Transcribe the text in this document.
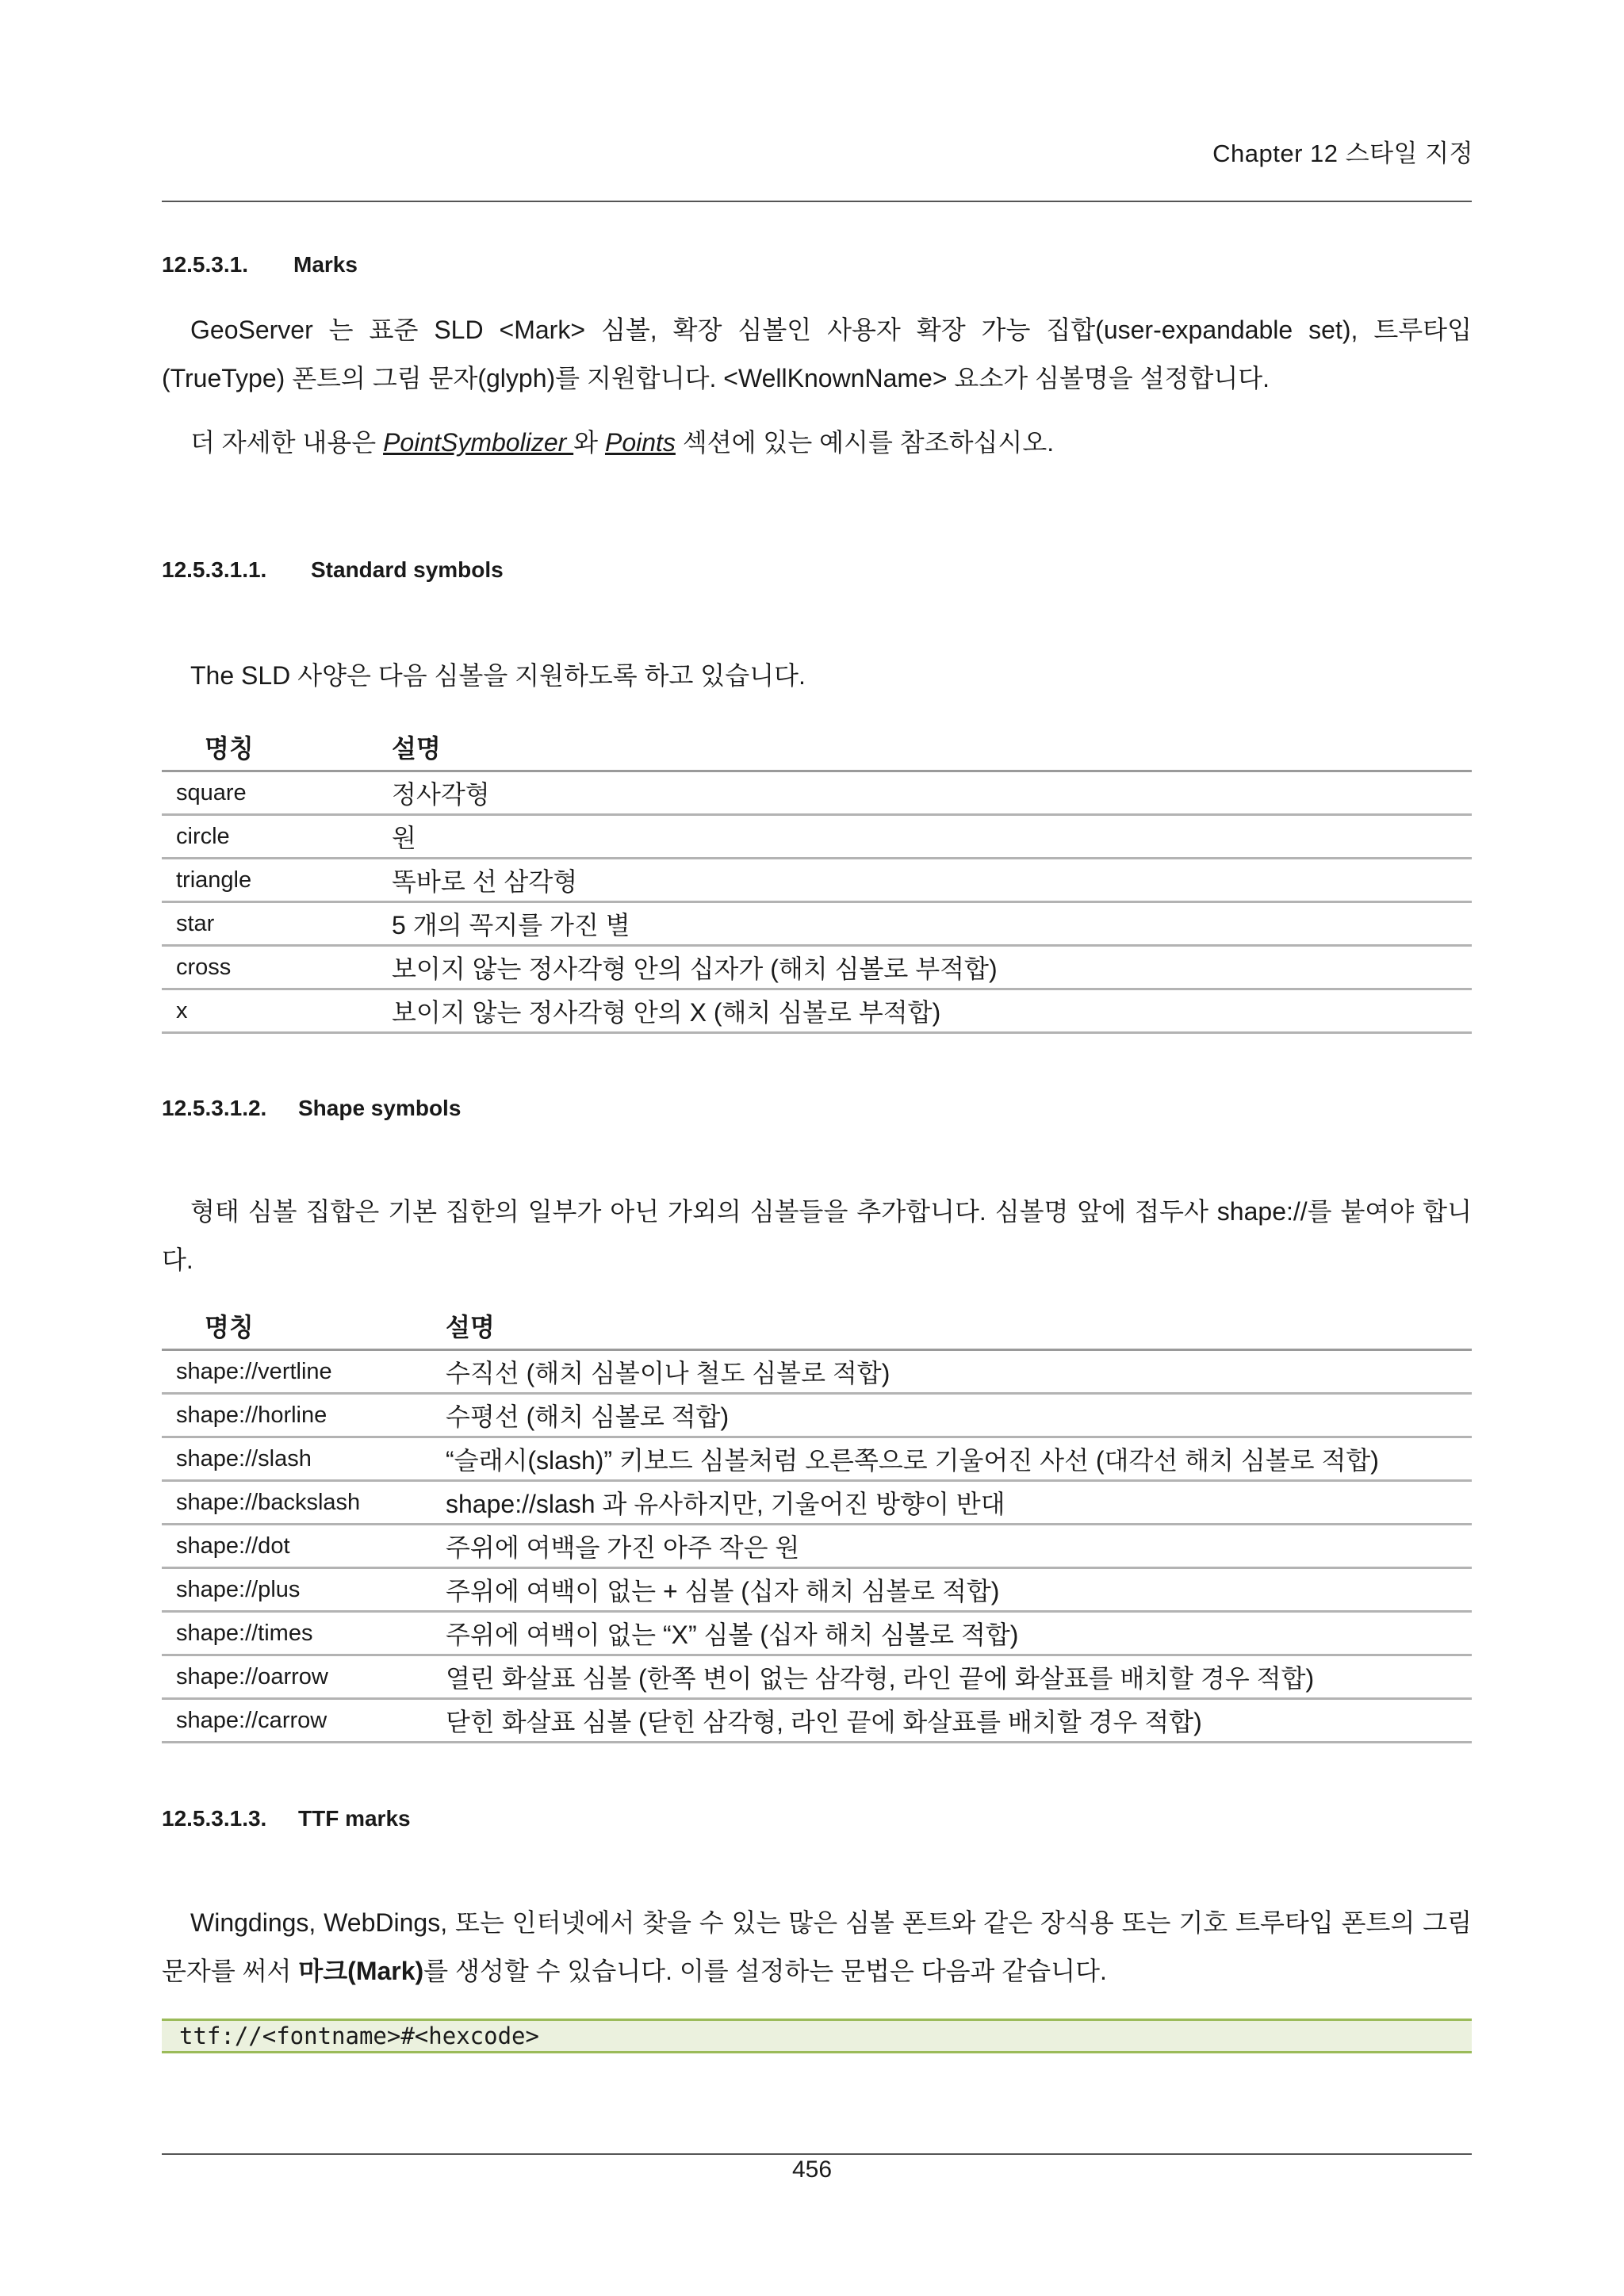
Chapter 12 스타일 지정
12.5.3.1. Marks
GeoServer 는 표준 SLD <Mark> 심볼, 확장 심볼인 사용자 확장 가능 집합(user-expandable set), 트루타입(TrueType) 폰트의 그림 문자(glyph)를 지원합니다. <WellKnownName> 요소가 심볼명을 설정합니다.
더 자세한 내용은 PointSymbolizer 와 Points 섹션에 있는 예시를 참조하십시오.
12.5.3.1.1. Standard symbols
The SLD 사양은 다음 심볼을 지원하도록 하고 있습니다.
명칭	설명
square	정사각형
circle	원
triangle	똑바로 선 삼각형
star	5 개의 꼭지를 가진 별
cross	보이지 않는 정사각형 안의 십자가 (해치 심볼로 부적합)
x	보이지 않는 정사각형 안의 X (해치 심볼로 부적합)
12.5.3.1.2. Shape symbols
형태 심볼 집합은 기본 집한의 일부가 아닌 가외의 심볼들을 추가합니다. 심볼명 앞에 접두사 shape://를 붙여야 합니다.
명칭	설명
shape://vertline	수직선 (해치 심볼이나 철도 심볼로 적합)
shape://horline	수평선 (해치 심볼로 적합)
shape://slash	“슬래시(slash)” 키보드 심볼처럼 오른쪽으로 기울어진 사선 (대각선 해치 심볼로 적합)
shape://backslash	shape://slash 과 유사하지만, 기울어진 방향이 반대
shape://dot	주위에 여백을 가진 아주 작은 원
shape://plus	주위에 여백이 없는 + 심볼 (십자 해치 심볼로 적합)
shape://times	주위에 여백이 없는 “X” 심볼 (십자 해치 심볼로 적합)
shape://oarrow	열린 화살표 심볼 (한쪽 변이 없는 삼각형, 라인 끝에 화살표를 배치할 경우 적합)
shape://carrow	닫힌 화살표 심볼 (닫힌 삼각형, 라인 끝에 화살표를 배치할 경우 적합)
12.5.3.1.3. TTF marks
Wingdings, WebDings, 또는 인터넷에서 찾을 수 있는 많은 심볼 폰트와 같은 장식용 또는 기호 트루타입 폰트의 그림 문자를 써서 마크(Mark)를 생성할 수 있습니다. 이를 설정하는 문법은 다음과 같습니다.
ttf://<fontname>#<hexcode>
456
